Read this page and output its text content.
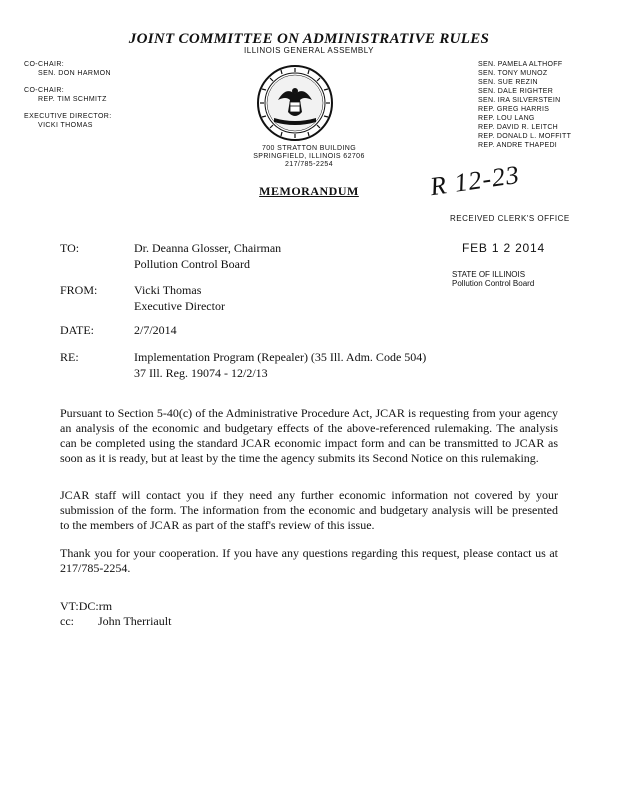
JOINT COMMITTEE ON ADMINISTRATIVE RULES
ILLINOIS GENERAL ASSEMBLY
CO-CHAIR:
SEN. DON HARMON
CO-CHAIR:
REP. TIM SCHMITZ
EXECUTIVE DIRECTOR:
VICKI THOMAS
SEN. PAMELA ALTHOFF
SEN. TONY MUNOZ
SEN. SUE REZIN
SEN. DALE RIGHTER
SEN. IRA SILVERSTEIN
REP. GREG HARRIS
REP. LOU LANG
REP. DAVID R. LEITCH
REP. DONALD L. MOFFITT
REP. ANDRE THAPEDI
700 STRATTON BUILDING
SPRINGFIELD, ILLINOIS 62706
217/785-2254
MEMORANDUM	R 12-23
RECEIVED CLERK'S OFFICE
FEB 1 2 2014
STATE OF ILLINOIS
Pollution Control Board
TO:	Dr. Deanna Glosser, Chairman
Pollution Control Board
FROM:	Vicki Thomas
Executive Director
DATE:	2/7/2014
RE:	Implementation Program (Repealer) (35 Ill. Adm. Code 504)
37 Ill. Reg. 19074 - 12/2/13
Pursuant to Section 5-40(c) of the Administrative Procedure Act, JCAR is requesting from your agency an analysis of the economic and budgetary effects of the above-referenced rulemaking. The analysis can be completed using the standard JCAR economic impact form and can be transmitted to JCAR as soon as it is ready, but at least by the time the agency submits its Second Notice on this rulemaking.
JCAR staff will contact you if they need any further economic information not covered by your submission of the form. The information from the economic and budgetary analysis will be presented to the members of JCAR as part of the staff's review of this issue.
Thank you for your cooperation. If you have any questions regarding this request, please contact us at 217/785-2254.
VT:DC:rm
cc: John Therriault
